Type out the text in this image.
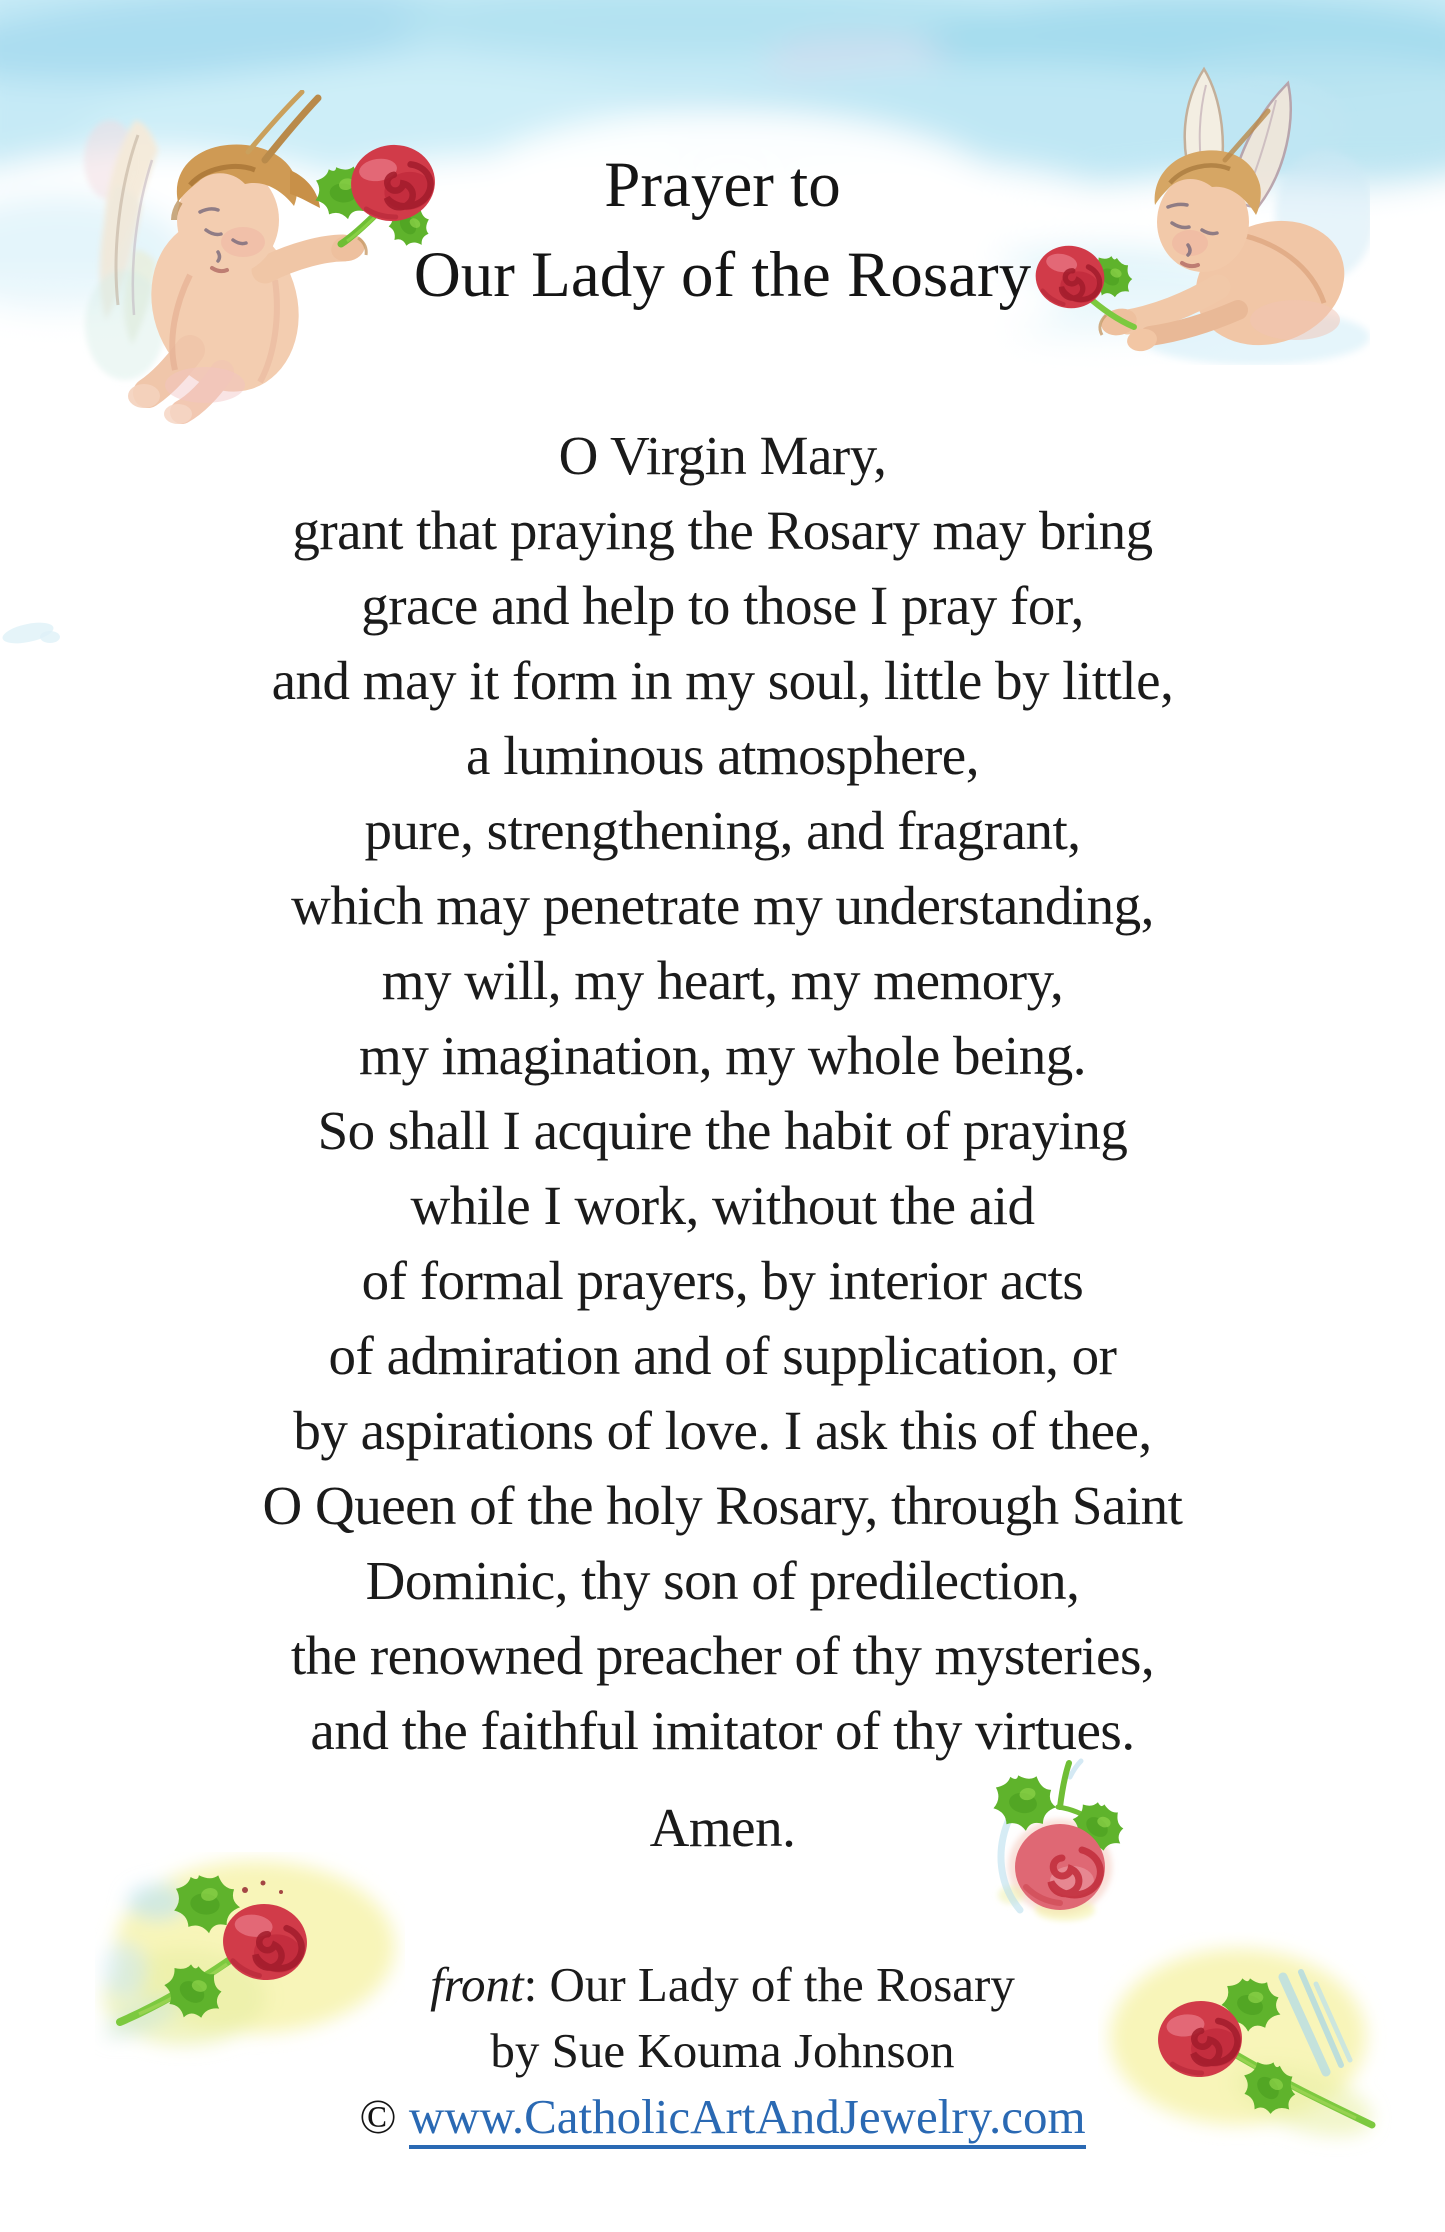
Prayer to
Our Lady of the Rosary
O Virgin Mary,
grant that praying the Rosary may bring
grace and help to those I pray for,
and may it form in my soul, little by little,
a luminous atmosphere,
pure, strengthening, and fragrant,
which may penetrate my understanding,
my will, my heart, my memory,
my imagination, my whole being.
So shall I acquire the habit of praying
while I work, without the aid
of formal prayers, by interior acts
of admiration and of supplication, or
by aspirations of love. I ask this of thee,
O Queen of the holy Rosary, through Saint
Dominic, thy son of predilection,
the renowned preacher of thy mysteries,
and the faithful imitator of thy virtues.
Amen.
front: Our Lady of the Rosary
by Sue Kouma Johnson
© www.CatholicArtAndJewelry.com
